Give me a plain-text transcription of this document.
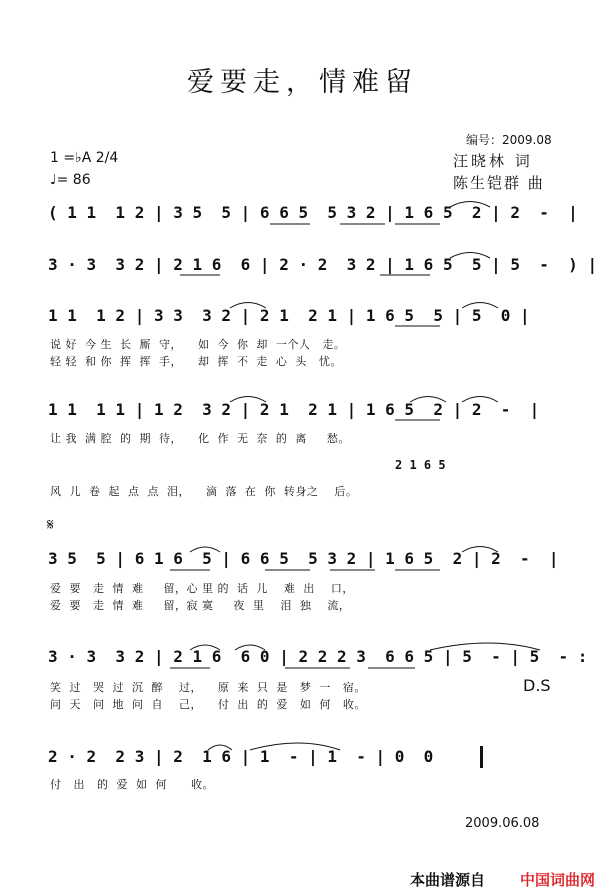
爱要走，情难留
编号：2009.08
1 =♭A 2/4
♩= 86
汪晓林 词
陈生铠群 曲
( 1 1  1 2 | 3 5  5 | 6 6 5  5 3 2 | 1 6 5  2 | 2  -  |
3 · 3  3 2 | 2 1 6  6 | 2 · 2  3 2 | 1 6 5  5 | 5  -  ) |
1 1  1 2 | 3 3  3 2 | 2 1  2 1 | 1 6 5  5 | 5  0 |
说 好  今 生  长  厮  守，    如  今  你  却  一个人   走。
轻 轻  和 你  挥  挥  手，    却  挥  不  走  心  头   忧。
1 1  1 1 | 1 2  3 2 | 2 1  2 1 | 1 6 5  2 | 2  -  |
让 我  满 腔  的  期  待，    化  作  无  奈  的  离     愁。
2 1 6 5
风  儿  卷  起  点  点  泪，    滴  落  在  你  转身之    后。
𝄋
3 5  5 | 6 1 6  5 | 6 6 5  5 3 2 | 1 6 5  2 | 2  -  |
爱  要   走  情  难     留，心 里 的  话  儿    难  出    口，
爱  要   走  情  难     留，寂 寞     夜  里    泪  独    流，
3 · 3  3 2 | 2 1 6  6 0 | 2 2 2 3  6 6 5 | 5  - | 5  - :
笑  过   哭  过  沉  醉    过，    原  来  只  是   梦  一   宿。
问  天   问  地  问  自    己，    付  出  的  爱   如  何   收。
D.S
2 · 2  2 3 | 2  1 6 | 1  - | 1  - | 0  0
付   出   的  爱  如  何      收。
2009.06.08
本曲谱源自 中国词曲网
